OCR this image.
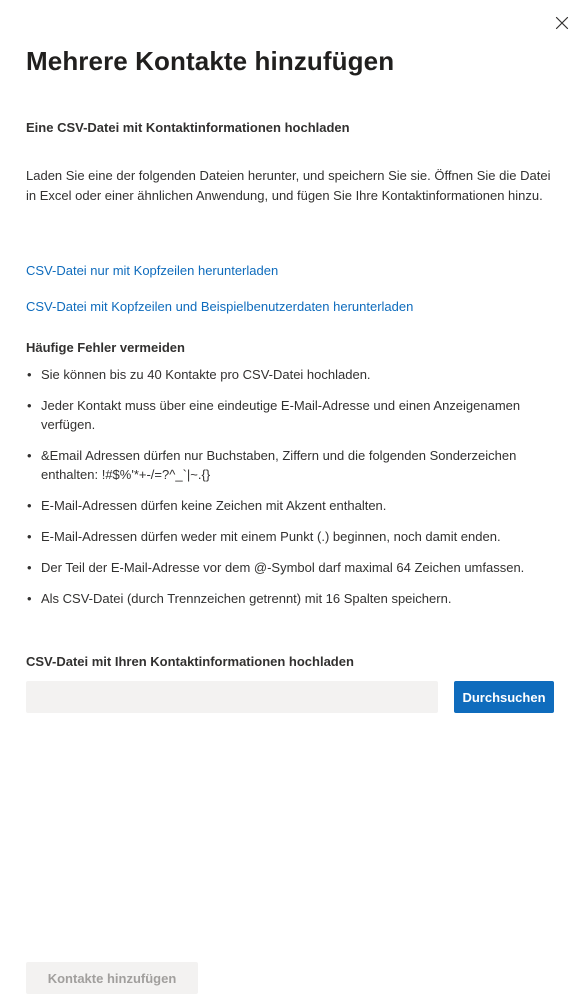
Mehrere Kontakte hinzufügen
Eine CSV-Datei mit Kontaktinformationen hochladen

Laden Sie eine der folgenden Dateien herunter, und speichern Sie sie. Öffnen Sie die Datei in Excel oder einer ähnlichen Anwendung, und fügen Sie Ihre Kontaktinformationen hinzu.

CSV-Datei nur mit Kopfzeilen herunterladen
CSV-Datei mit Kopfzeilen und Beispielbenutzerdaten herunterladen
Häufige Fehler vermeiden
• Sie können bis zu 40 Kontakte pro CSV-Datei hochladen.
• Jeder Kontakt muss über eine eindeutige E-Mail-Adresse und einen Anzeigenamen verfügen.
• &Email Adressen dürfen nur Buchstaben, Ziffern und die folgenden Sonderzeichen enthalten: !#$%'*+-/=?^_`|~.{}
• E-Mail-Adressen dürfen keine Zeichen mit Akzent enthalten.
• E-Mail-Adressen dürfen weder mit einem Punkt (.) beginnen, noch damit enden.
• Der Teil der E-Mail-Adresse vor dem @-Symbol darf maximal 64 Zeichen umfassen.
• Als CSV-Datei (durch Trennzeichen getrennt) mit 16 Spalten speichern.
CSV-Datei mit Ihren Kontaktinformationen hochladen
Durchsuchen
Kontakte hinzufügen
